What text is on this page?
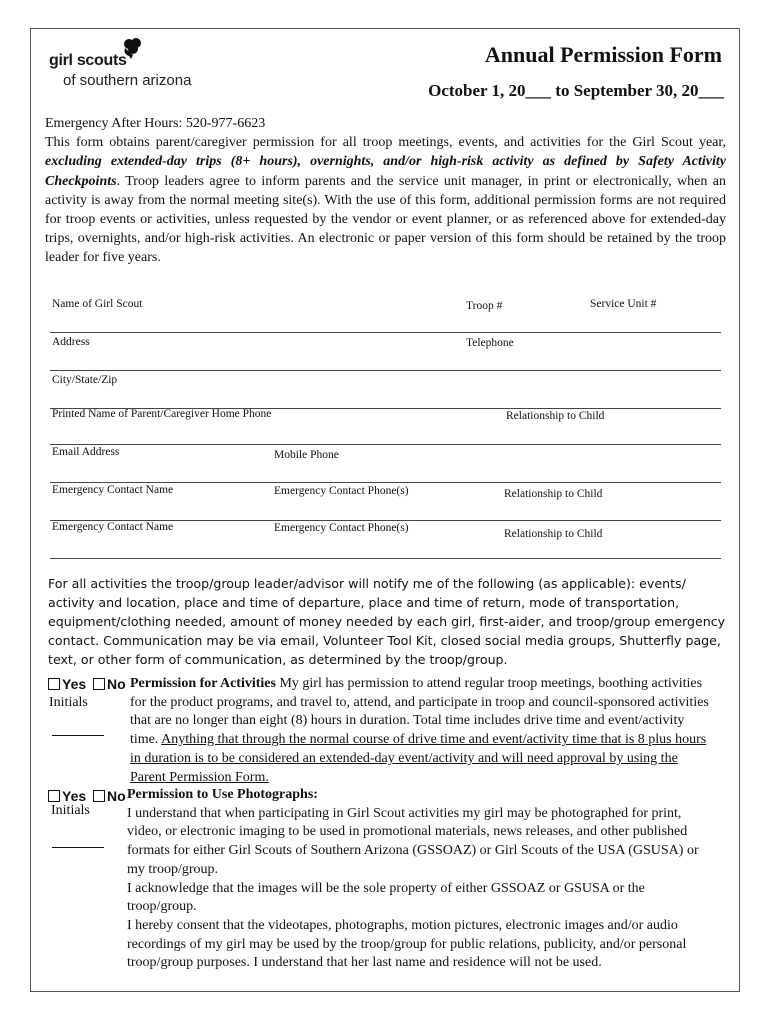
girl scouts
of southern arizona
Annual Permission Form
October 1, 20___ to September 30, 20___

Emergency After Hours: 520-977-6623

This form obtains parent/caregiver permission for all troop meetings, events, and activities for the Girl Scout year, excluding extended-day trips (8+ hours), overnights, and/or high-risk activity as defined by Safety Activity Checkpoints. Troop leaders agree to inform parents and the service unit manager, in print or electronically, when an activity is away from the normal meeting site(s). With the use of this form, additional permission forms are not required for troop events or activities, unless requested by the vendor or event planner, or as referenced above for extended-day trips, overnights, and/or high-risk activities. An electronic or paper version of this form should be retained by the troop leader for five years.

Name of Girl Scout	Troop #	Service Unit #
Address	Telephone
City/State/Zip
Printed Name of Parent/Caregiver Home Phone	Relationship to Child
Email Address	Mobile Phone
Emergency Contact Name	Emergency Contact Phone(s)	Relationship to Child
Emergency Contact Name	Emergency Contact Phone(s)	Relationship to Child

For all activities the troop/group leader/advisor will notify me of the following (as applicable): events/ activity and location, place and time of departure, place and time of return, mode of transportation, equipment/clothing needed, amount of money needed by each girl, first-aider, and troop/group emergency contact. Communication may be via email, Volunteer Tool Kit, closed social media groups, Shutterfly page, text, or other form of communication, as determined by the troop/group.

Yes No
Initials

Permission for Activities My girl has permission to attend regular troop meetings, boothing activities for the product programs, and travel to, attend, and participate in troop and council-sponsored activities that are no longer than eight (8) hours in duration. Total time includes drive time and event/activity time. Anything that through the normal course of drive time and event/activity time that is 8 plus hours in duration is to be considered an extended-day event/activity and will need approval by using the Parent Permission Form.

Yes No
Initials

Permission to Use Photographs:

I understand that when participating in Girl Scout activities my girl may be photographed for print, video, or electronic imaging to be used in promotional materials, news releases, and other published formats for either Girl Scouts of Southern Arizona (GSSOAZ) or Girl Scouts of the USA (GSUSA) or my troop/group.

I acknowledge that the images will be the sole property of either GSSOAZ or GSUSA or the troop/group.

I hereby consent that the videotapes, photographs, motion pictures, electronic images and/or audio recordings of my girl may be used by the troop/group for public relations, publicity, and/or personal troop/group purposes. I understand that her last name and residence will not be used.
